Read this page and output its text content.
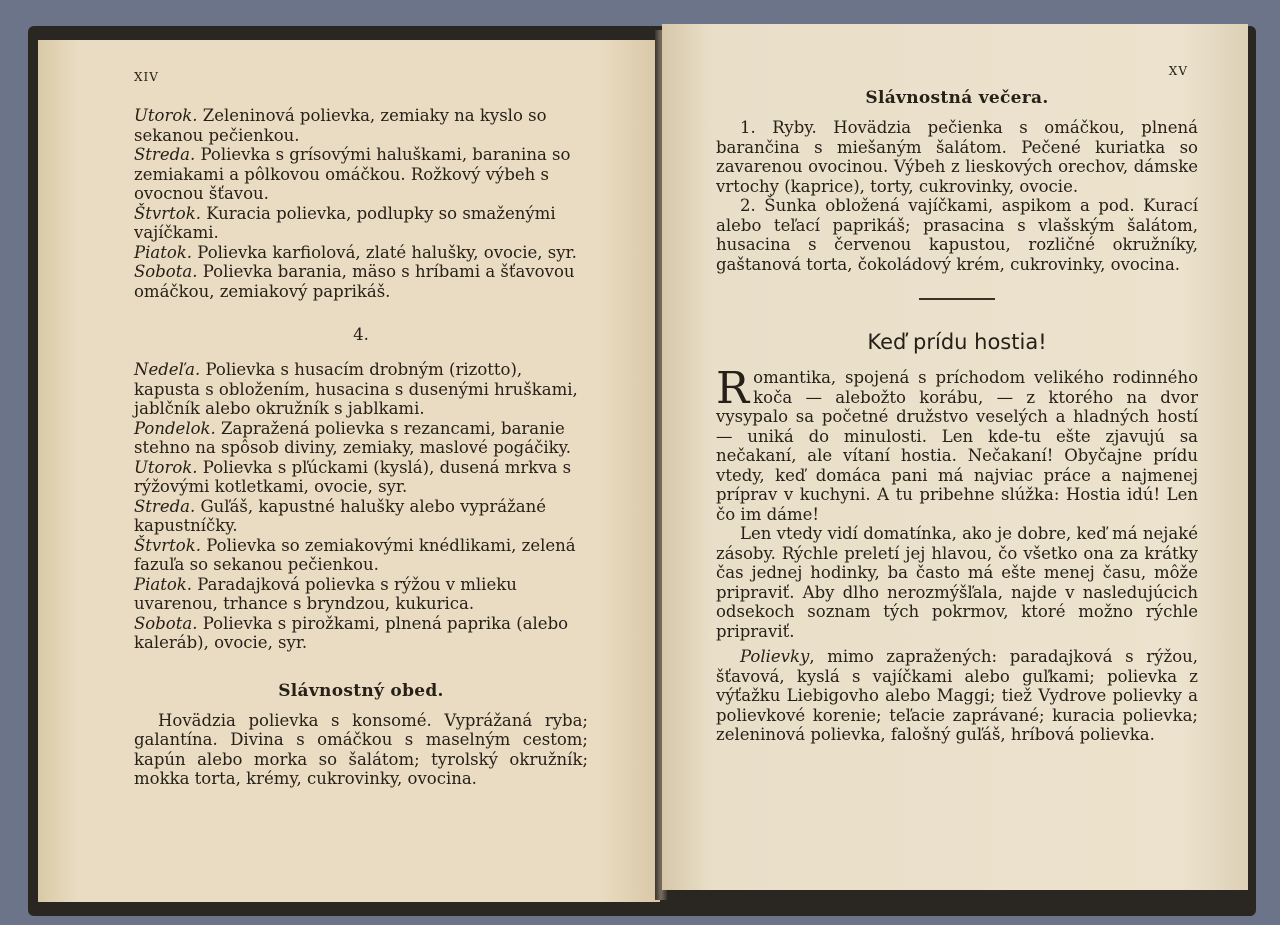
XIV

Utorok. Zeleninová polievka, zemiaky na kyslo so sekanou pečienkou.

Streda. Polievka s grísovými haluškami, baranina so zemiakami a pôlkovou omáčkou. Rožkový výbeh s ovocnou šťavou.

Štvrtok. Kuracia polievka, podlupky so smaženými vajíčkami.

Piatok. Polievka karfiolová, zlaté halušky, ovocie, syr.

Sobota. Polievka barania, mäso s hríbami a šťavovou omáčkou, zemiakový paprikáš.

4.

Nedeľa. Polievka s husacím drobným (rizotto), kapusta s obložením, husacina s dusenými hruškami, jablčník alebo okružník s jablkami.

Pondelok. Zapražená polievka s rezancami, baranie stehno na spôsob diviny, zemiaky, maslové pogáčiky.

Utorok. Polievka s pľúckami (kyslá), dusená mrkva s rýžovými kotletkami, ovocie, syr.

Streda. Guľáš, kapustné halušky alebo vyprážané kapustníčky.

Štvrtok. Polievka so zemiakovými knédlikami, zelená fazuľa so sekanou pečienkou.

Piatok. Paradajková polievka s rýžou v mlieku uvarenou, trhance s bryndzou, kukurica.

Sobota. Polievka s pirožkami, plnená paprika (alebo kaleráb), ovocie, syr.

Slávnostný obed.

Hovädzia polievka s konsomé. Vyprážaná ryba; galantína. Divina s omáčkou s maselným cestom; kapún alebo morka so šalátom; tyrolský okružník; mokka torta, krémy, cukrovinky, ovocina.

XV
Slávnostná večera.

1. Ryby. Hovädzia pečienka s omáčkou, plnená barančina s miešaným šalátom. Pečené kuriatka so zavarenou ovocinou. Výbeh z lieskových orechov, dámske vrtochy (kaprice), torty, cukrovinky, ovocie.

2. Šunka obložená vajíčkami, aspikom a pod. Kurací alebo teľací paprikáš; prasacina s vlašským šalátom, husacina s červenou kapustou, rozličné okružníky, gaštanová torta, čokoládový krém, cukrovinky, ovocina.

Keď prídu hostia!

Romantika, spojená s príchodom velikého rodinného koča — alebožto korábu, — z ktorého na dvor vysypalo sa početné družstvo veselých a hladných hostí — uniká do minulosti. Len kde-tu ešte zjavujú sa nečakaní, ale vítaní hostia. Nečakaní! Obyčajne prídu vtedy, keď domáca pani má najviac práce a najmenej príprav v kuchyni. A tu pribehne slúžka: Hostia idú! Len čo im dáme!

Len vtedy vidí domatínka, ako je dobre, keď má nejaké zásoby. Rýchle preletí jej hlavou, čo všetko ona za krátky čas jednej hodinky, ba často má ešte menej času, môže pripraviť. Aby dlho nerozmýšľala, najde v nasledujúcich odsekoch soznam tých pokrmov, ktoré možno rýchle pripraviť.

Polievky, mimo zapražených: paradajková s rýžou, šťavová, kyslá s vajíčkami alebo guľkami; polievka z výťažku Liebigovho alebo Maggi; tiež Vydrove polievky a polievkové korenie; teľacie zaprávané; kuracia polievka; zeleninová polievka, falošný guľáš, hríbová polievka.
